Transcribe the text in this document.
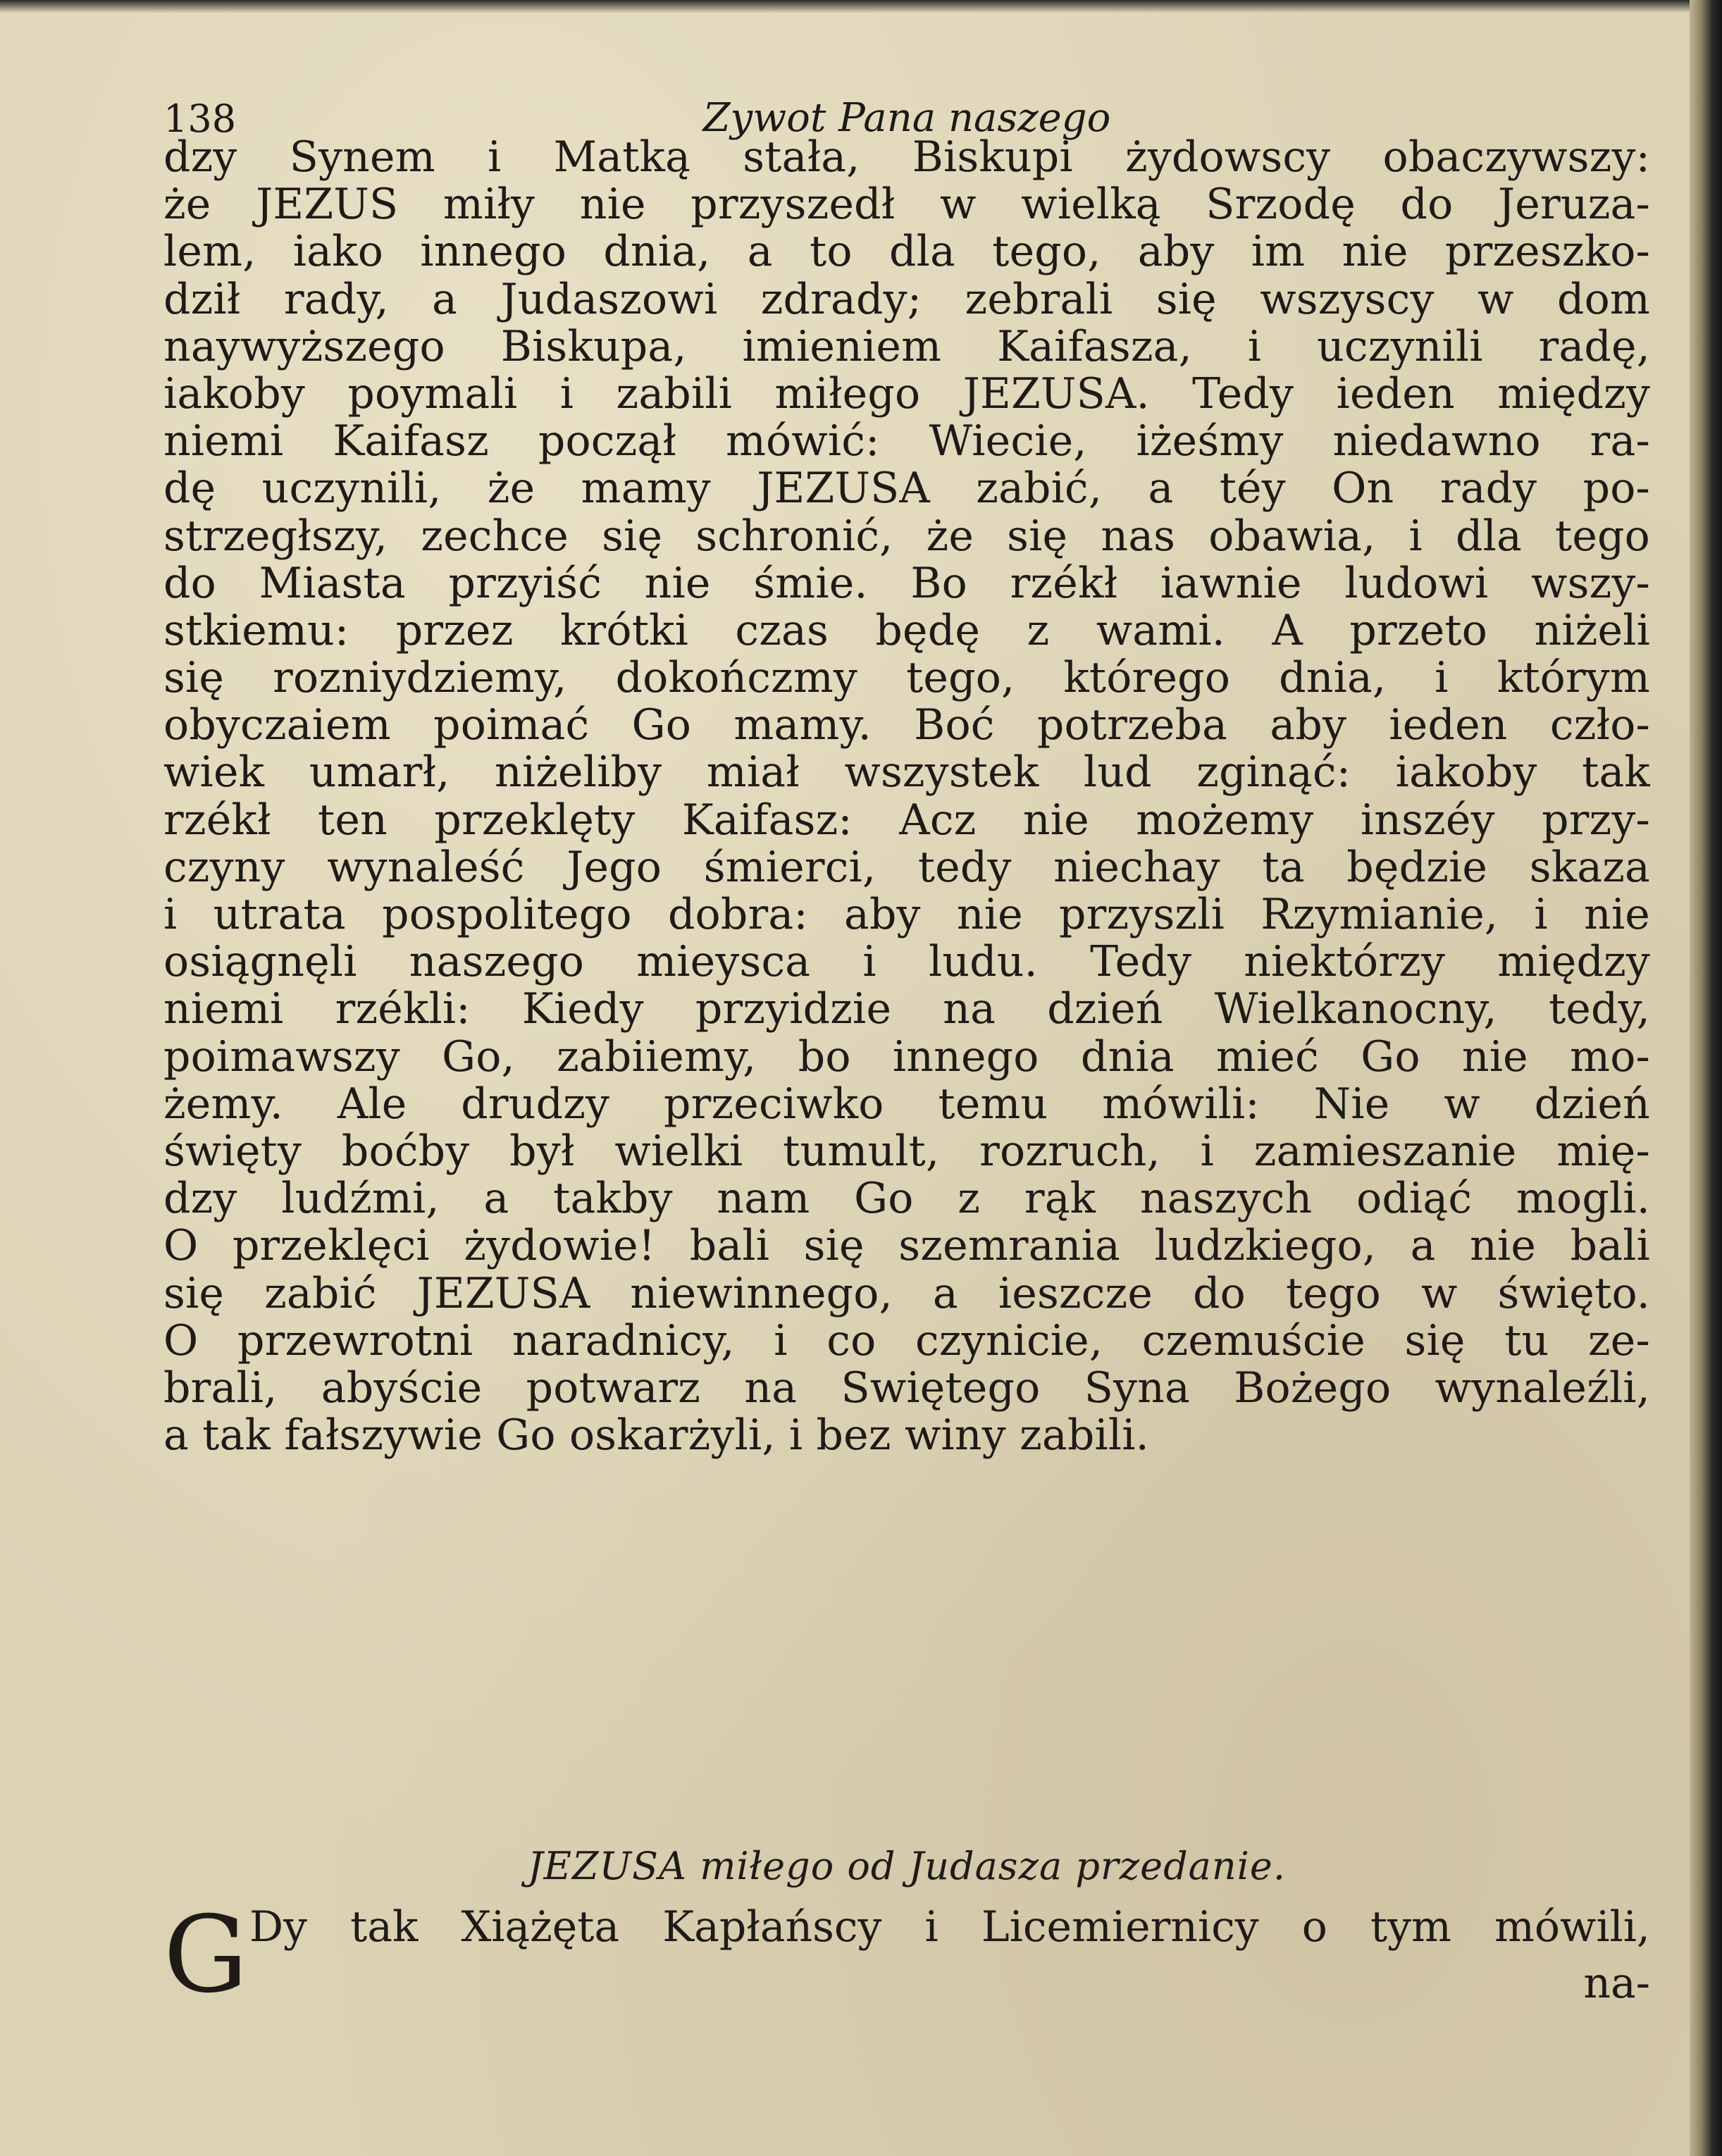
138	Zywot Pana naszego
dzy Synem i Matką stała, Biskupi żydowscy obaczywszy:
że JEZUS miły nie przyszedł w wielką Srzodę do Jeruza-
lem, iako innego dnia, a to dla tego, aby im nie przeszko-
dził rady, a Judaszowi zdrady; zebrali się wszyscy w dom
naywyższego Biskupa, imieniem Kaifasza, i uczynili radę,
iakoby poymali i zabili miłego JEZUSA. Tedy ieden między
niemi Kaifasz począł mówić: Wiecie, iżeśmy niedawno ra-
dę uczynili, że mamy JEZUSA zabić, a téy On rady po-
strzegłszy, zechce się schronić, że się nas obawia, i dla tego
do Miasta przyiść nie śmie. Bo rzékł iawnie ludowi wszy-
stkiemu: przez krótki czas będę z wami. A przeto niżeli
się rozniydziemy, dokończmy tego, którego dnia, i którym
obyczaiem poimać Go mamy. Boć potrzeba aby ieden czło-
wiek umarł, niżeliby miał wszystek lud zginąć: iakoby tak
rzékł ten przeklęty Kaifasz: Acz nie możemy inszéy przy-
czyny wynaleść Jego śmierci, tedy niechay ta będzie skaza
i utrata pospolitego dobra: aby nie przyszli Rzymianie, i nie
osiągnęli naszego mieysca i ludu. Tedy niektórzy między
niemi rzékli: Kiedy przyidzie na dzień Wielkanocny, tedy,
poimawszy Go, zabiiemy, bo innego dnia mieć Go nie mo-
żemy. Ale drudzy przeciwko temu mówili: Nie w dzień
święty boćby był wielki tumult, rozruch, i zamieszanie mię-
dzy ludźmi, a takby nam Go z rąk naszych odiąć mogli.
O przeklęci żydowie! bali się szemrania ludzkiego, a nie bali
się zabić JEZUSA niewinnego, a ieszcze do tego w święto.
O przewrotni naradnicy, i co czynicie, czemuście się tu ze-
brali, abyście potwarz na Swiętego Syna Bożego wynaleźli,
a tak fałszywie Go oskarżyli, i bez winy zabili.
JEZUSA miłego od Judasza przedanie.
G Dy tak Xiążęta Kapłańscy i Licemiernicy o tym mówili,
na-
